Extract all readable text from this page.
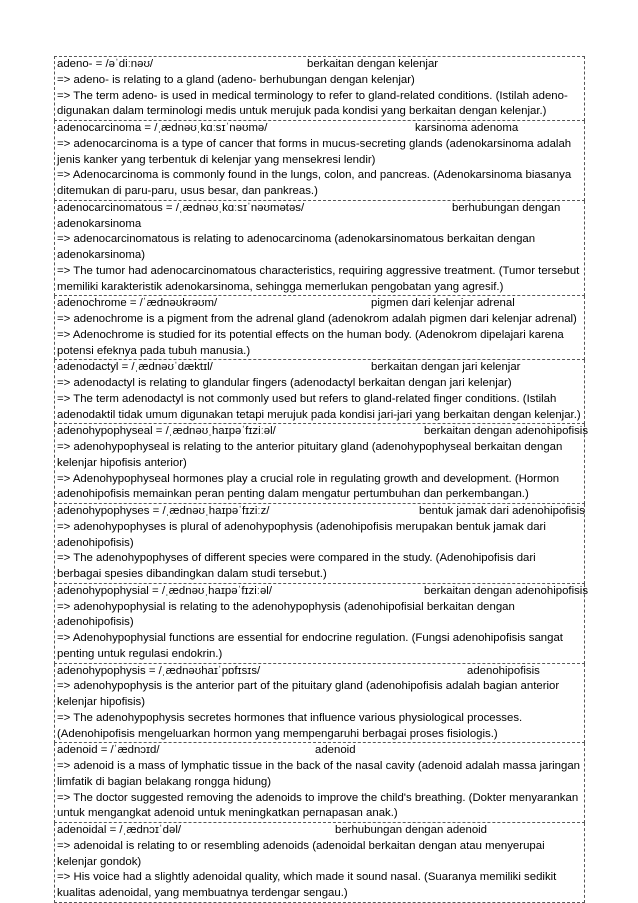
adeno- = /əˈdiːnəʊ/	berkaitan dengan kelenjar
=> adeno- is relating to a gland (adeno- berhubungan dengan kelenjar)
=> The term adeno- is used in medical terminology to refer to gland-related conditions. (Istilah adeno- digunakan dalam terminologi medis untuk merujuk pada kondisi yang berkaitan dengan kelenjar.)
adenocarcinoma = /ˌædnəʊˌkɑːsɪˈnəʊmə/	karsinoma adenoma
=> adenocarcinoma is a type of cancer that forms in mucus-secreting glands (adenokarsinoma adalah jenis kanker yang terbentuk di kelenjar yang mensekresi lendir)
=> Adenocarcinoma is commonly found in the lungs, colon, and pancreas. (Adenokarsinoma biasanya ditemukan di paru-paru, usus besar, dan pankreas.)
adenocarcinomatous = /ˌædnəʊˌkɑːsɪˈnəʊmətəs/	berhubungan dengan
adenokarsinoma
=> adenocarcinomatous is relating to adenocarcinoma (adenokarsinomatous berkaitan dengan adenokarsinoma)
=> The tumor had adenocarcinomatous characteristics, requiring aggressive treatment. (Tumor tersebut memiliki karakteristik adenokarsinoma, sehingga memerlukan pengobatan yang agresif.)
adenochrome = /ˈædnəʊkrəʊm/	pigmen dari kelenjar adrenal
=> adenochrome is a pigment from the adrenal gland (adenokrom adalah pigmen dari kelenjar adrenal)
=> Adenochrome is studied for its potential effects on the human body. (Adenokrom dipelajari karena potensi efeknya pada tubuh manusia.)
adenodactyl = /ˌædnəʊˈdæktɪl/	berkaitan dengan jari kelenjar
=> adenodactyl is relating to glandular fingers (adenodactyl berkaitan dengan jari kelenjar)
=> The term adenodactyl is not commonly used but refers to gland-related finger conditions. (Istilah adenodaktil tidak umum digunakan tetapi merujuk pada kondisi jari-jari yang berkaitan dengan kelenjar.)
adenohypophyseal = /ˌædnəʊˌhaɪpəˈfɪziːəl/	berkaitan dengan adenohipofisis
=> adenohypophyseal is relating to the anterior pituitary gland (adenohypophyseal berkaitan dengan kelenjar hipofisis anterior)
=> Adenohypophyseal hormones play a crucial role in regulating growth and development. (Hormon adenohipofisis memainkan peran penting dalam mengatur pertumbuhan dan perkembangan.)
adenohypophyses = /ˌædnəʊˌhaɪpəˈfɪziːz/	bentuk jamak dari adenohipofisis
=> adenohypophyses is plural of adenohypophysis (adenohipofisis merupakan bentuk jamak dari adenohipofisis)
=> The adenohypophyses of different species were compared in the study. (Adenohipofisis dari berbagai spesies dibandingkan dalam studi tersebut.)
adenohypophysial = /ˌædnəʊˌhaɪpəˈfɪziːəl/	berkaitan dengan adenohipofisis
=> adenohypophysial is relating to the adenohypophysis (adenohipofisial berkaitan dengan adenohipofisis)
=> Adenohypophysial functions are essential for endocrine regulation. (Fungsi adenohipofisis sangat penting untuk regulasi endokrin.)
adenohypophysis = /ˌædnəʊhaɪˈpɒfɪsɪs/	adenohipofisis
=> adenohypophysis is the anterior part of the pituitary gland (adenohipofisis adalah bagian anterior kelenjar hipofisis)
=> The adenohypophysis secretes hormones that influence various physiological processes. (Adenohipofisis mengeluarkan hormon yang mempengaruhi berbagai proses fisiologis.)
adenoid = /ˈædnɔɪd/	adenoid
=> adenoid is a mass of lymphatic tissue in the back of the nasal cavity (adenoid adalah massa jaringan limfatik di bagian belakang rongga hidung)
=> The doctor suggested removing the adenoids to improve the child's breathing. (Dokter menyarankan untuk mengangkat adenoid untuk meningkatkan pernapasan anak.)
adenoidal = /ˌædnɔɪˈdəl/	berhubungan dengan adenoid
=> adenoidal is relating to or resembling adenoids (adenoidal berkaitan dengan atau menyerupai kelenjar gondok)
=> His voice had a slightly adenoidal quality, which made it sound nasal. (Suaranya memiliki sedikit kualitas adenoidal, yang membuatnya terdengar sengau.)
